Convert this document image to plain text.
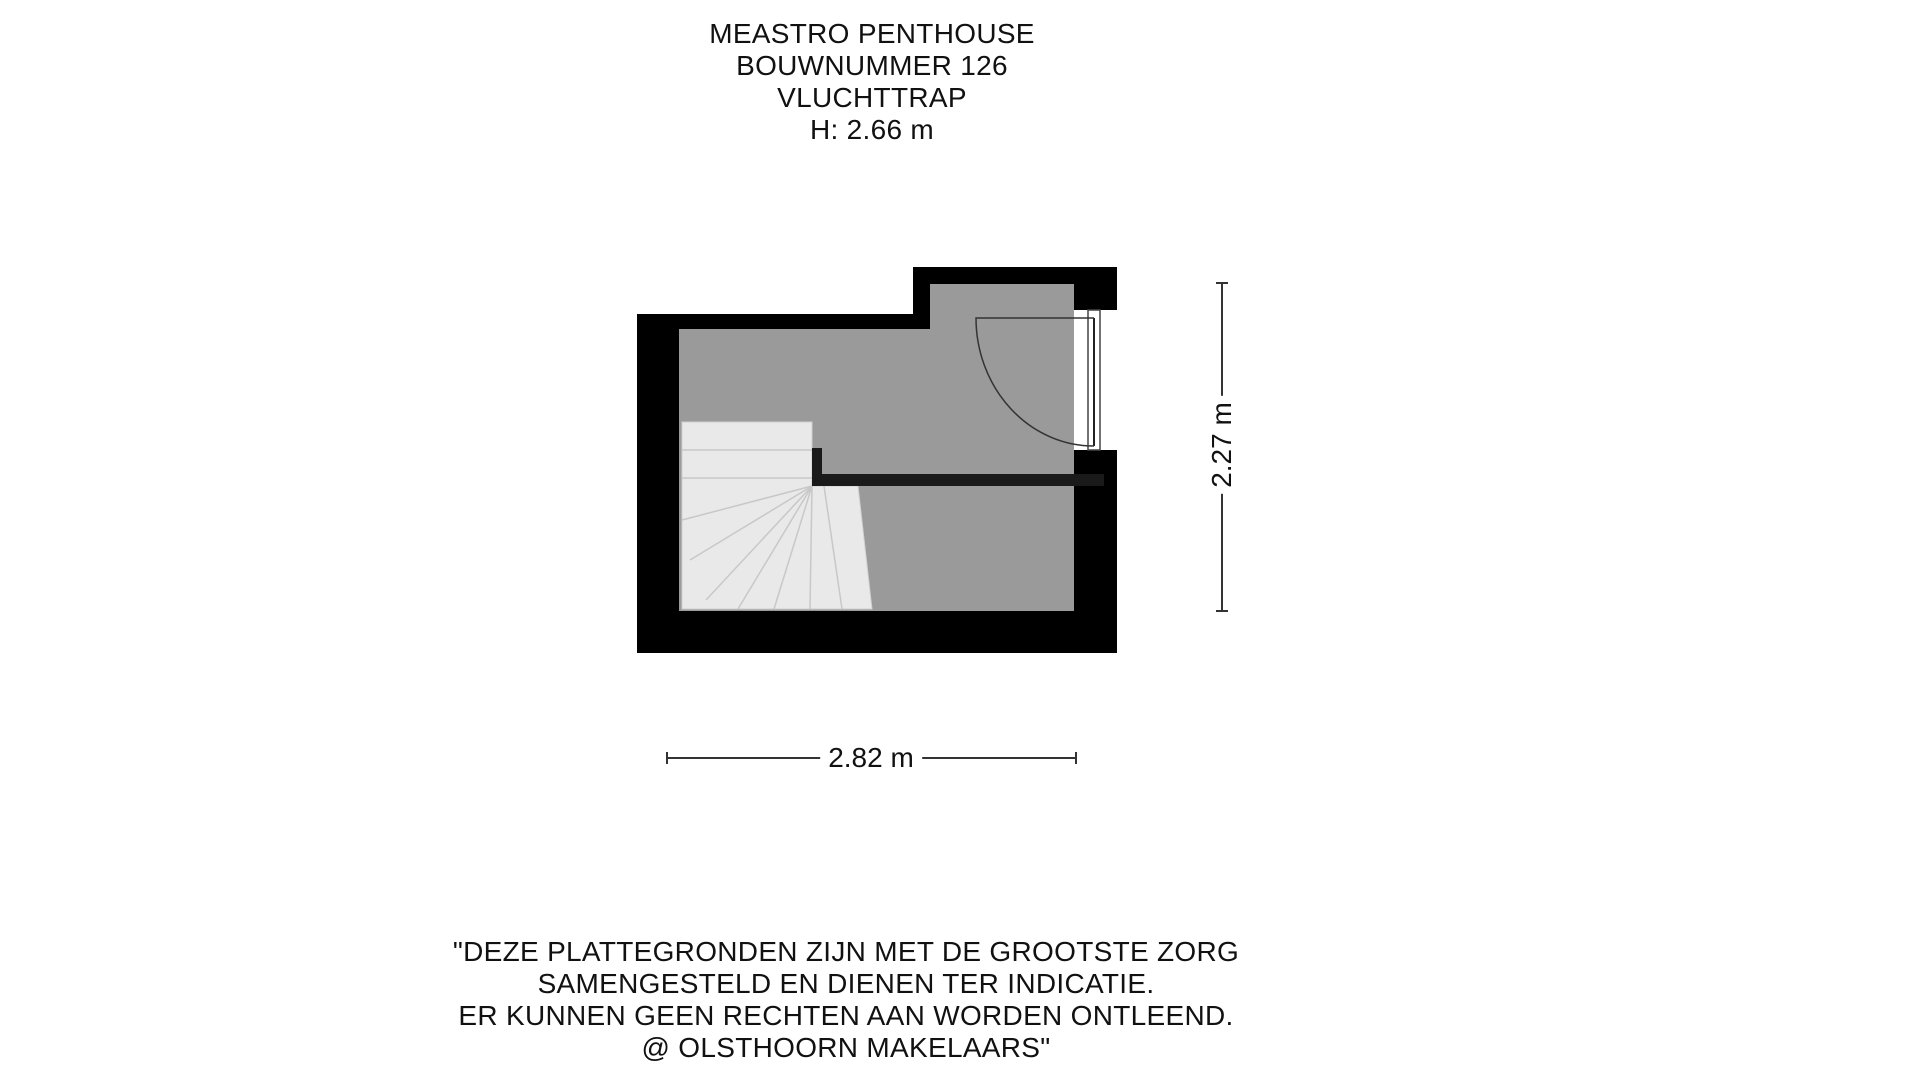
MEASTRO PENTHOUSE
BOUWNUMMER 126
VLUCHTTRAP
H: 2.66 m
2.27 m
2.82 m
"DEZE PLATTEGRONDEN ZIJN MET DE GROOTSTE ZORG
SAMENGESTELD EN DIENEN TER INDICATIE.
ER KUNNEN GEEN RECHTEN AAN WORDEN ONTLEEND.
@ OLSTHOORN MAKELAARS"
